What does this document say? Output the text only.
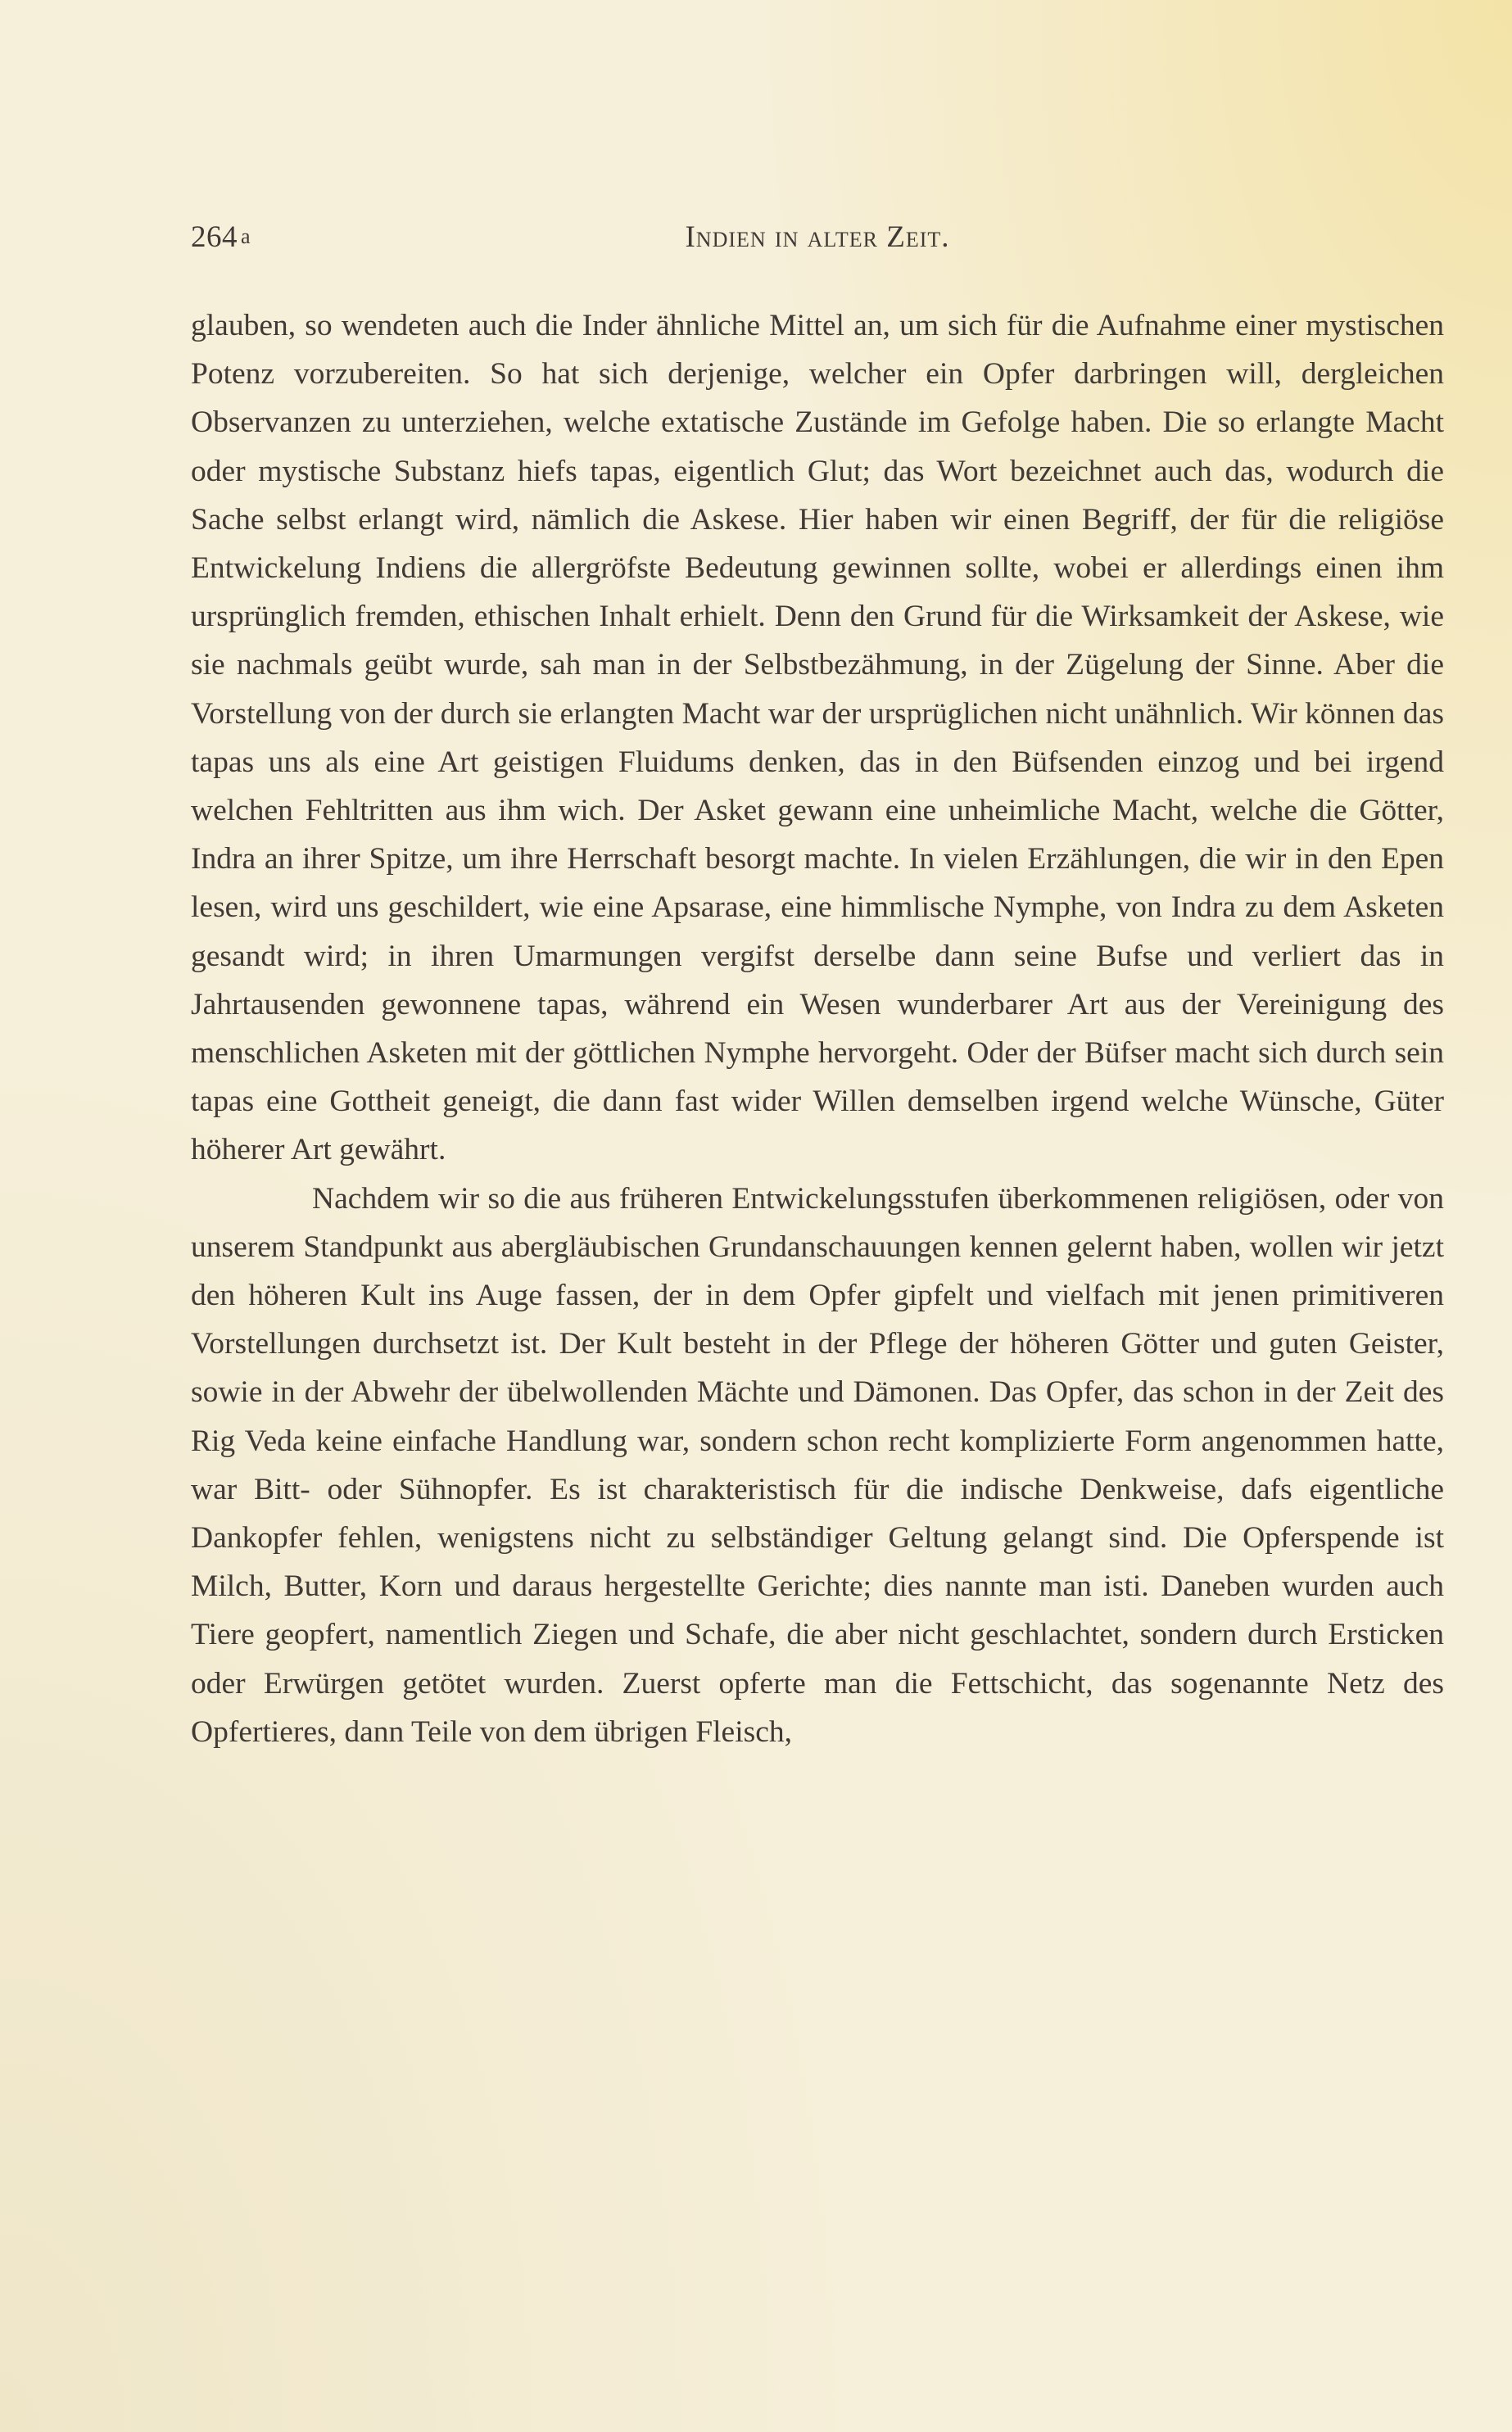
264 a	Indien in alter Zeit.

glauben, so wendeten auch die Inder ähnliche Mittel an, um sich für die Aufnahme einer mystischen Potenz vorzubereiten. So hat sich derjenige, welcher ein Opfer darbringen will, dergleichen Observanzen zu unterziehen, welche extatische Zustände im Gefolge haben. Die so erlangte Macht oder mystische Substanz hiefs tapas, eigentlich Glut; das Wort bezeichnet auch das, wodurch die Sache selbst erlangt wird, nämlich die Askese. Hier haben wir einen Begriff, der für die religiöse Entwickelung Indiens die allergröfste Bedeutung gewinnen sollte, wobei er allerdings einen ihm ursprünglich fremden, ethischen Inhalt erhielt. Denn den Grund für die Wirksamkeit der Askese, wie sie nachmals geübt wurde, sah man in der Selbstbezähmung, in der Zügelung der Sinne. Aber die Vorstellung von der durch sie erlangten Macht war der ursprüglichen nicht unähnlich. Wir können das tapas uns als eine Art geistigen Fluidums denken, das in den Büfsenden einzog und bei irgend welchen Fehltritten aus ihm wich. Der Asket gewann eine unheimliche Macht, welche die Götter, Indra an ihrer Spitze, um ihre Herrschaft besorgt machte. In vielen Erzählungen, die wir in den Epen lesen, wird uns geschildert, wie eine Apsarase, eine himmlische Nymphe, von Indra zu dem Asketen gesandt wird; in ihren Umarmungen vergifst derselbe dann seine Bufse und verliert das in Jahrtausenden gewonnene tapas, während ein Wesen wunderbarer Art aus der Vereinigung des menschlichen Asketen mit der göttlichen Nymphe hervorgeht. Oder der Büfser macht sich durch sein tapas eine Gottheit geneigt, die dann fast wider Willen demselben irgend welche Wünsche, Güter höherer Art gewährt.

Nachdem wir so die aus früheren Entwickelungsstufen überkommenen religiösen, oder von unserem Standpunkt aus abergläubischen Grundanschauungen kennen gelernt haben, wollen wir jetzt den höheren Kult ins Auge fassen, der in dem Opfer gipfelt und vielfach mit jenen primitiveren Vorstellungen durchsetzt ist. Der Kult besteht in der Pflege der höheren Götter und guten Geister, sowie in der Abwehr der übelwollenden Mächte und Dämonen. Das Opfer, das schon in der Zeit des Rig Veda keine einfache Handlung war, sondern schon recht komplizierte Form angenommen hatte, war Bitt- oder Sühnopfer. Es ist charakteristisch für die indische Denkweise, dafs eigentliche Dankopfer fehlen, wenigstens nicht zu selbständiger Geltung gelangt sind. Die Opferspende ist Milch, Butter, Korn und daraus hergestellte Gerichte; dies nannte man isti. Daneben wurden auch Tiere geopfert, namentlich Ziegen und Schafe, die aber nicht geschlachtet, sondern durch Ersticken oder Erwürgen getötet wurden. Zuerst opferte man die Fettschicht, das sogenannte Netz des Opfertieres, dann Teile von dem übrigen Fleisch,
